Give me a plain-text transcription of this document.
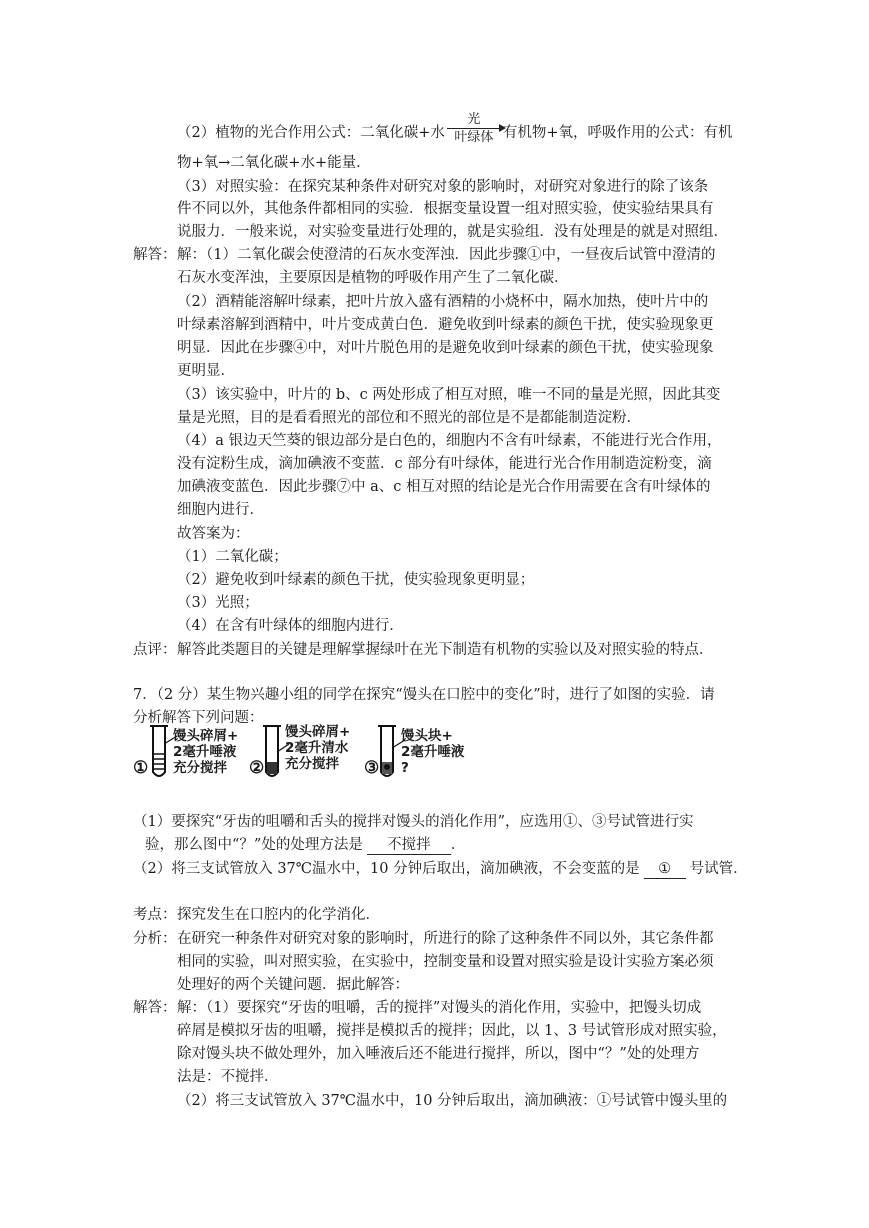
（2）植物的光合作用公式：二氧化碳+水
光
叶绿体 有机物+氧，呼吸作用的公式：有机
物+氧→二氧化碳+水+能量．
（3）对照实验：在探究某种条件对研究对象的影响时，对研究对象进行的除了该条
件不同以外，其他条件都相同的实验．根据变量设置一组对照实验，使实验结果具有
说服力．一般来说，对实验变量进行处理的，就是实验组．没有处理是的就是对照组．
解答： 解：（1）二氧化碳会使澄清的石灰水变浑浊．因此步骤①中，一昼夜后试管中澄清的
石灰水变浑浊，主要原因是植物的呼吸作用产生了二氧化碳．
（2）酒精能溶解叶绿素，把叶片放入盛有酒精的小烧杯中，隔水加热，使叶片中的
叶绿素溶解到酒精中，叶片变成黄白色．避免收到叶绿素的颜色干扰，使实验现象更
明显．因此在步骤④中，对叶片脱色用的是避免收到叶绿素的颜色干扰，使实验现象
更明显．
（3）该实验中，叶片的 b、c 两处形成了相互对照，唯一不同的量是光照，因此其变
量是光照，目的是看看照光的部位和不照光的部位是不是都能制造淀粉．
（4）a 银边天竺葵的银边部分是白色的，细胞内不含有叶绿素，不能进行光合作用，
没有淀粉生成，滴加碘液不变蓝．c 部分有叶绿体，能进行光合作用制造淀粉变，滴
加碘液变蓝色．因此步骤⑦中 a、c 相互对照的结论是光合作用需要在含有叶绿体的
细胞内进行．
故答案为：
（1）二氧化碳；
（2）避免收到叶绿素的颜色干扰，使实验现象更明显；
（3）光照；
（4）在含有叶绿体的细胞内进行．
点评： 解答此类题目的关键是理解掌握绿叶在光下制造有机物的实验以及对照实验的特点．
7．（2 分）某生物兴趣小组的同学在探究“馒头在口腔中的变化”时，进行了如图的实验．请
分析解答下列问题：
①
馒头碎屑+
2毫升唾液
充分搅拌	②
馒头碎屑+
2毫升清水
充分搅拌	③
馒头块+
2毫升唾液
?
（1）要探究“牙齿的咀嚼和舌头的搅拌对馒头的消化作用”，应选用①、③号试管进行实
验，那么图中“？”处的处理方法是 不搅拌 ．
（2）将三支试管放入 37℃温水中，10 分钟后取出，滴加碘液，不会变蓝的是 ① 号试管．
考点： 探究发生在口腔内的化学消化．
分析： 在研究一种条件对研究对象的影响时，所进行的除了这种条件不同以外，其它条件都
相同的实验，叫对照实验，在实验中，控制变量和设置对照实验是设计实验方案必须
处理好的两个关键问题．据此解答：
解答： 解：（1）要探究“牙齿的咀嚼，舌的搅拌”对馒头的消化作用，实验中，把馒头切成
碎屑是模拟牙齿的咀嚼，搅拌是模拟舌的搅拌；因此，以 1、3 号试管形成对照实验，
除对馒头块不做处理外，加入唾液后还不能进行搅拌，所以，图中“？”处的处理方
法是：不搅拌．
（2）将三支试管放入 37℃温水中，10 分钟后取出，滴加碘液：①号试管中馒头里的
